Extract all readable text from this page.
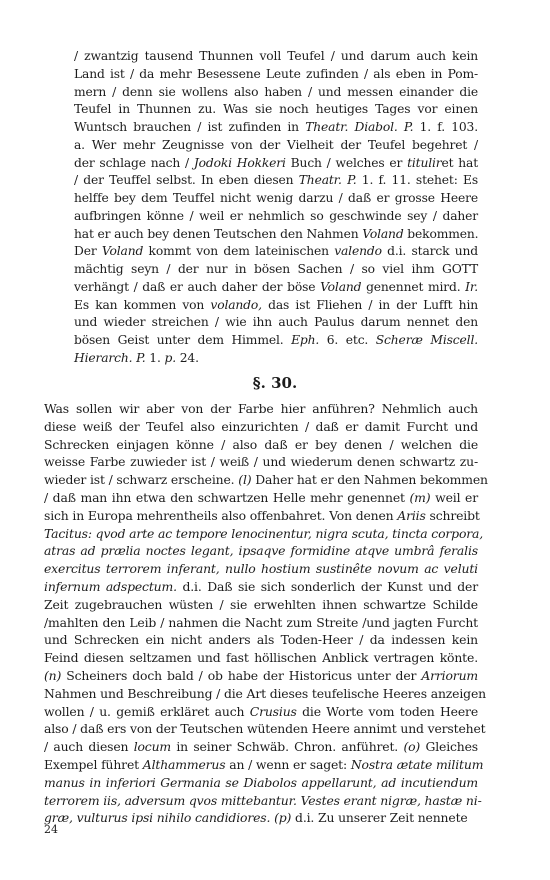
/ zwantzig tausend Thunnen voll Teufel / und darum auch kein
Land ist / da mehr Besessene Leute zufinden / als eben in Pom-
mern / denn sie wollens also haben / und messen einander die
Teufel in Thunnen zu. Was sie noch heutiges Tages vor einen
Wuntsch brauchen / ist zufinden in Theatr. Diabol. P. 1. f. 103.
a. Wer mehr Zeugnisse von der Vielheit der Teufel begehret /
der schlage nach / Jodoki Hokkeri Buch / welches er tituliret hat
/ der Teuffel selbst. In eben diesen Theatr. P. 1. f. 11. stehet: Es
helffe bey dem Teuffel nicht wenig darzu / daß er grosse Heere
aufbringen könne / weil er nehmlich so geschwinde sey / daher
hat er auch bey denen Teutschen den Nahmen Voland bekommen.
Der Voland kommt von dem lateinischen valendo d.i. starck und
mächtig seyn / der nur in bösen Sachen / so viel ihm GOTT
verhängt / daß er auch daher der böse Voland genennet mird. Ir.
Es kan kommen von volando, das ist Fliehen / in der Lufft hin
und wieder streichen / wie ihn auch Paulus darum nennet den
bösen Geist unter dem Himmel. Eph. 6. etc. Scheræ Miscell.
Hierarch. P. 1. p. 24.
§. 30.
Was sollen wir aber von der Farbe hier anführen? Nehmlich auch
diese weiß der Teufel also einzurichten / daß er damit Furcht und
Schrecken einjagen könne / also daß er bey denen / welchen die
weisse Farbe zuwieder ist / weiß / und wiederum denen schwartz zu-
wieder ist / schwarz erscheine. (l) Daher hat er den Nahmen bekommen
/ daß man ihn etwa den schwartzen Helle mehr genennet (m) weil er
sich in Europa mehrentheils also offenbahret. Von denen Ariis schreibt
Tacitus: qvod arte ac tempore lenocinentur, nigra scuta, tincta corpora,
atras ad prælia noctes legant, ipsaqve formidine atqve umbrâ feralis
exercitus terrorem inferant, nullo hostium sustinête novum ac veluti
infernum adspectum. d.i. Daß sie sich sonderlich der Kunst und der
Zeit zugebrauchen wüsten / sie erwehlten ihnen schwartze Schilde
/mahlten den Leib / nahmen die Nacht zum Streite /und jagten Furcht
und Schrecken ein nicht anders als Toden-Heer / da indessen kein
Feind diesen seltzamen und fast höllischen Anblick vertragen könte.
(n) Scheiners doch bald / ob habe der Historicus unter der Arriorum
Nahmen und Beschreibung / die Art dieses teufelische Heeres anzeigen
wollen / u. gemiß erkläret auch Crusius die Worte vom toden Heere
also / daß ers von der Teutschen wütenden Heere annimt und verstehet
/ auch diesen locum in seiner Schwäb. Chron. anführet. (o) Gleiches
Exempel führet Althammerus an / wenn er saget: Nostra ætate militum
manus in inferiori Germania se Diabolos appellarunt, ad incutiendum
terrorem iis, adversum qvos mittebantur. Vestes erant nigræ, hastæ ni-
græ, vulturus ipsi nihilo candidiores. (p) d.i. Zu unserer Zeit nennete
24
